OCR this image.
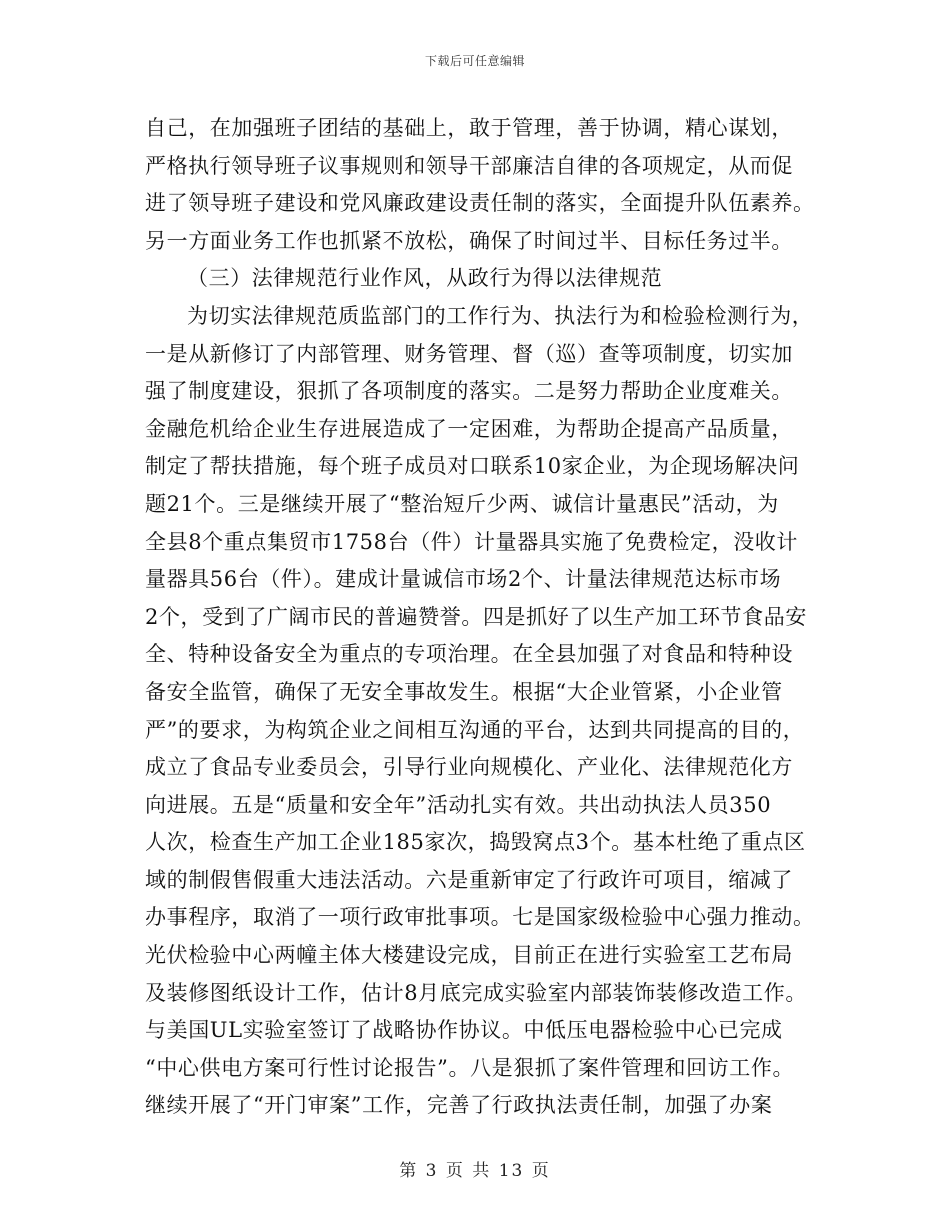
下载后可任意编辑
自己，在加强班子团结的基础上，敢于管理，善于协调，精心谋划，
严格执行领导班子议事规则和领导干部廉洁自律的各项规定，从而促
进了领导班子建设和党风廉政建设责任制的落实，全面提升队伍素养。
另一方面业务工作也抓紧不放松，确保了时间过半、目标任务过半。
（三）法律规范行业作风，从政行为得以法律规范
为切实法律规范质监部门的工作行为、执法行为和检验检测行为，
一是从新修订了内部管理、财务管理、督（巡）查等项制度，切实加
强了制度建设，狠抓了各项制度的落实。二是努力帮助企业度难关。
金融危机给企业生存进展造成了一定困难，为帮助企提高产品质量，
制定了帮扶措施，每个班子成员对口联系10家企业，为企现场解决问
题21个。三是继续开展了“整治短斤少两、诚信计量惠民”活动，为
全县8个重点集贸市1758台（件）计量器具实施了免费检定，没收计
量器具56台（件）。建成计量诚信市场2个、计量法律规范达标市场
2个，受到了广阔市民的普遍赞誉。四是抓好了以生产加工环节食品安
全、特种设备安全为重点的专项治理。在全县加强了对食品和特种设
备安全监管，确保了无安全事故发生。根据“大企业管紧，小企业管
严”的要求，为构筑企业之间相互沟通的平台，达到共同提高的目的，
成立了食品专业委员会，引导行业向规模化、产业化、法律规范化方
向进展。五是“质量和安全年”活动扎实有效。共出动执法人员350
人次，检查生产加工企业185家次，捣毁窝点3个。基本杜绝了重点区
域的制假售假重大违法活动。六是重新审定了行政许可项目，缩减了
办事程序，取消了一项行政审批事项。七是国家级检验中心强力推动。
光伏检验中心两幢主体大楼建设完成，目前正在进行实验室工艺布局
及装修图纸设计工作，估计8月底完成实验室内部装饰装修改造工作。
与美国UL实验室签订了战略协作协议。中低压电器检验中心已完成
“中心供电方案可行性讨论报告”。八是狠抓了案件管理和回访工作。
继续开展了“开门审案”工作，完善了行政执法责任制，加强了办案
第 3 页 共 13 页
